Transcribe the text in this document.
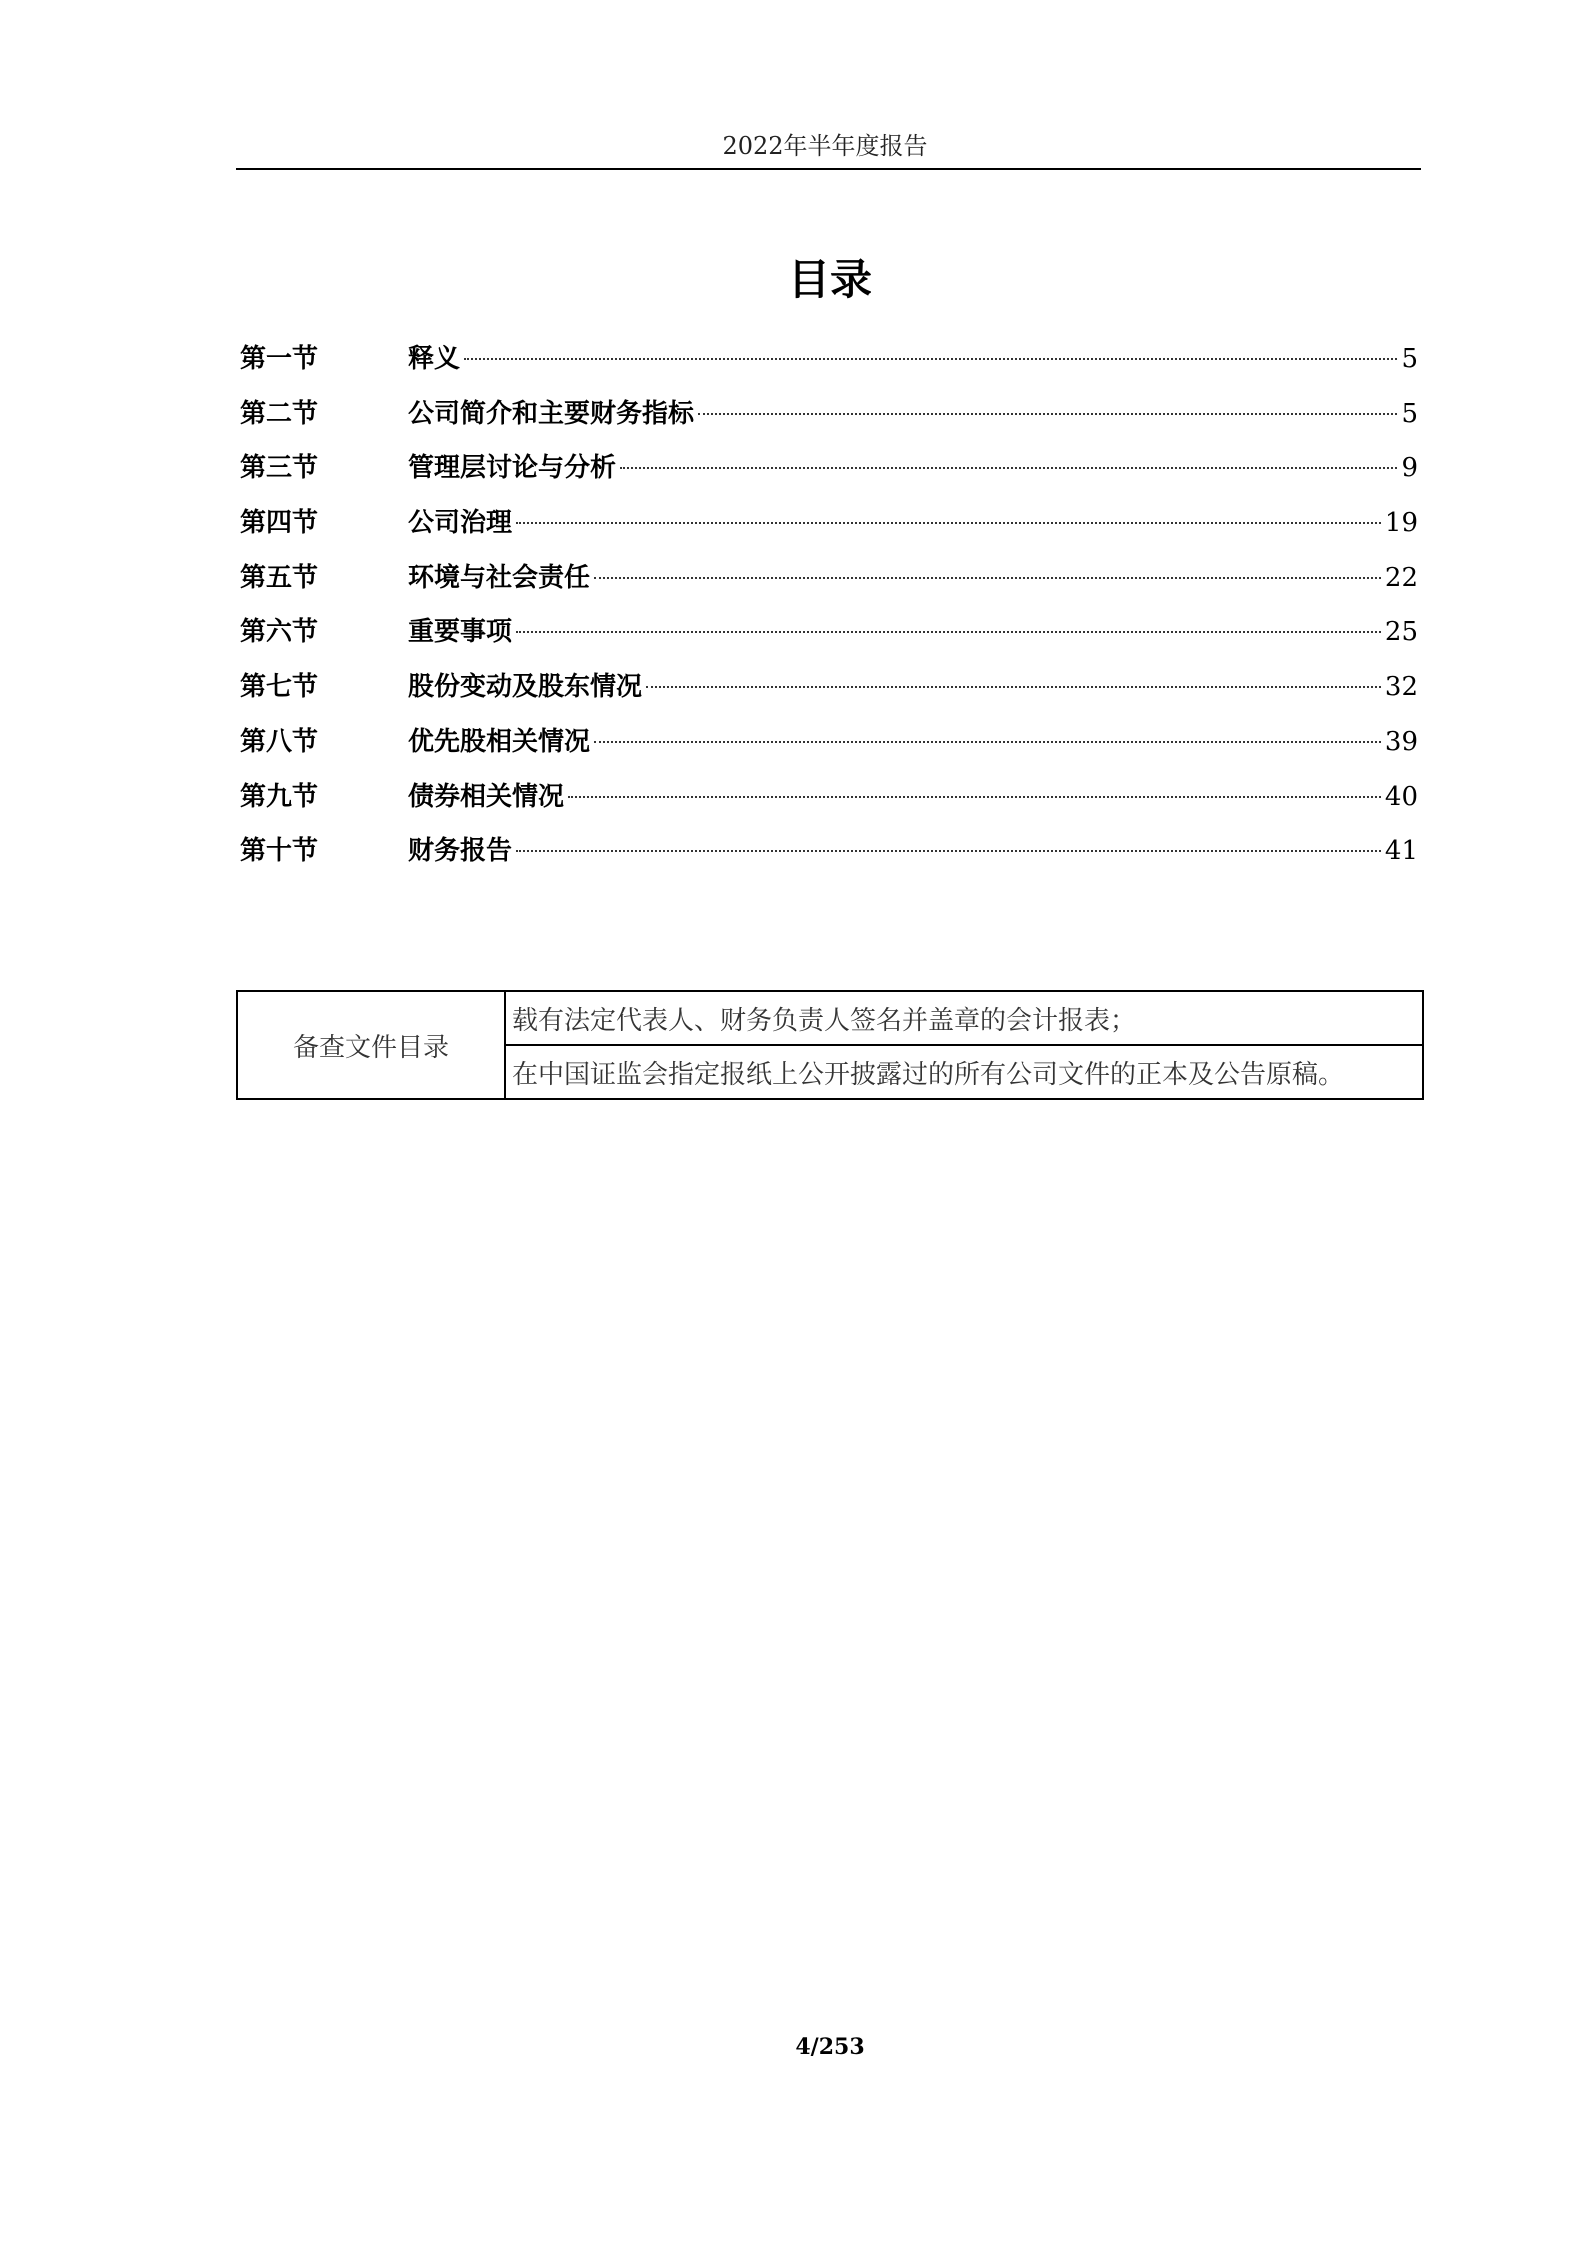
2022年半年度报告
目录
第一节	释义	5
第二节	公司简介和主要财务指标	5
第三节	管理层讨论与分析	9
第四节	公司治理	19
第五节	环境与社会责任	22
第六节	重要事项	25
第七节	股份变动及股东情况	32
第八节	优先股相关情况	39
第九节	债券相关情况	40
第十节	财务报告	41
备查文件目录	载有法定代表人、财务负责人签名并盖章的会计报表；
在中国证监会指定报纸上公开披露过的所有公司文件的正本及公告原稿。
4/253
